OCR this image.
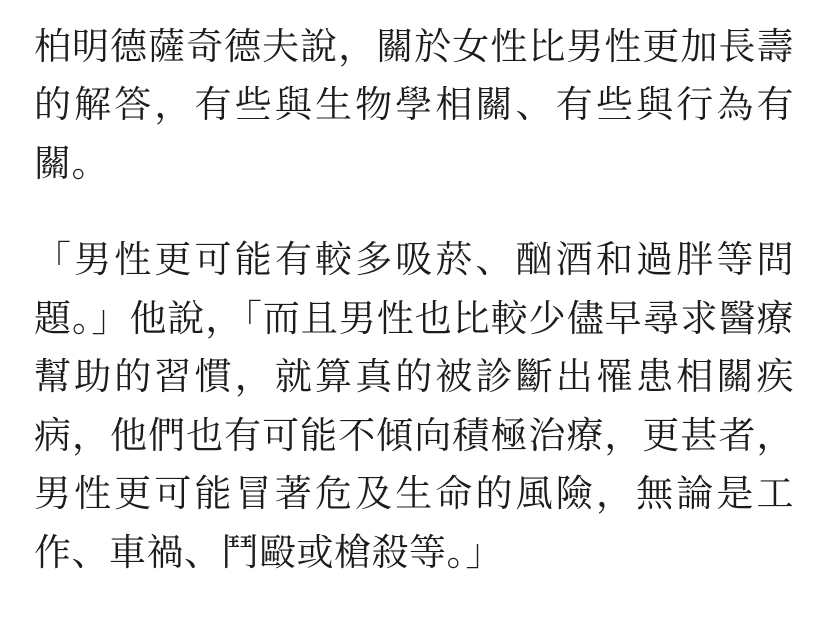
柏明德薩奇德夫說，關於女性比男性更加長壽的解答，有些與生物學相關、有些與行為有關。

「男性更可能有較多吸菸、酗酒和過胖等問題。」他說，「而且男性也比較少儘早尋求醫療幫助的習慣，就算真的被診斷出罹患相關疾病，他們也有可能不傾向積極治療，更甚者，男性更可能冒著危及生命的風險，無論是工作、車禍、鬥毆或槍殺等。」
